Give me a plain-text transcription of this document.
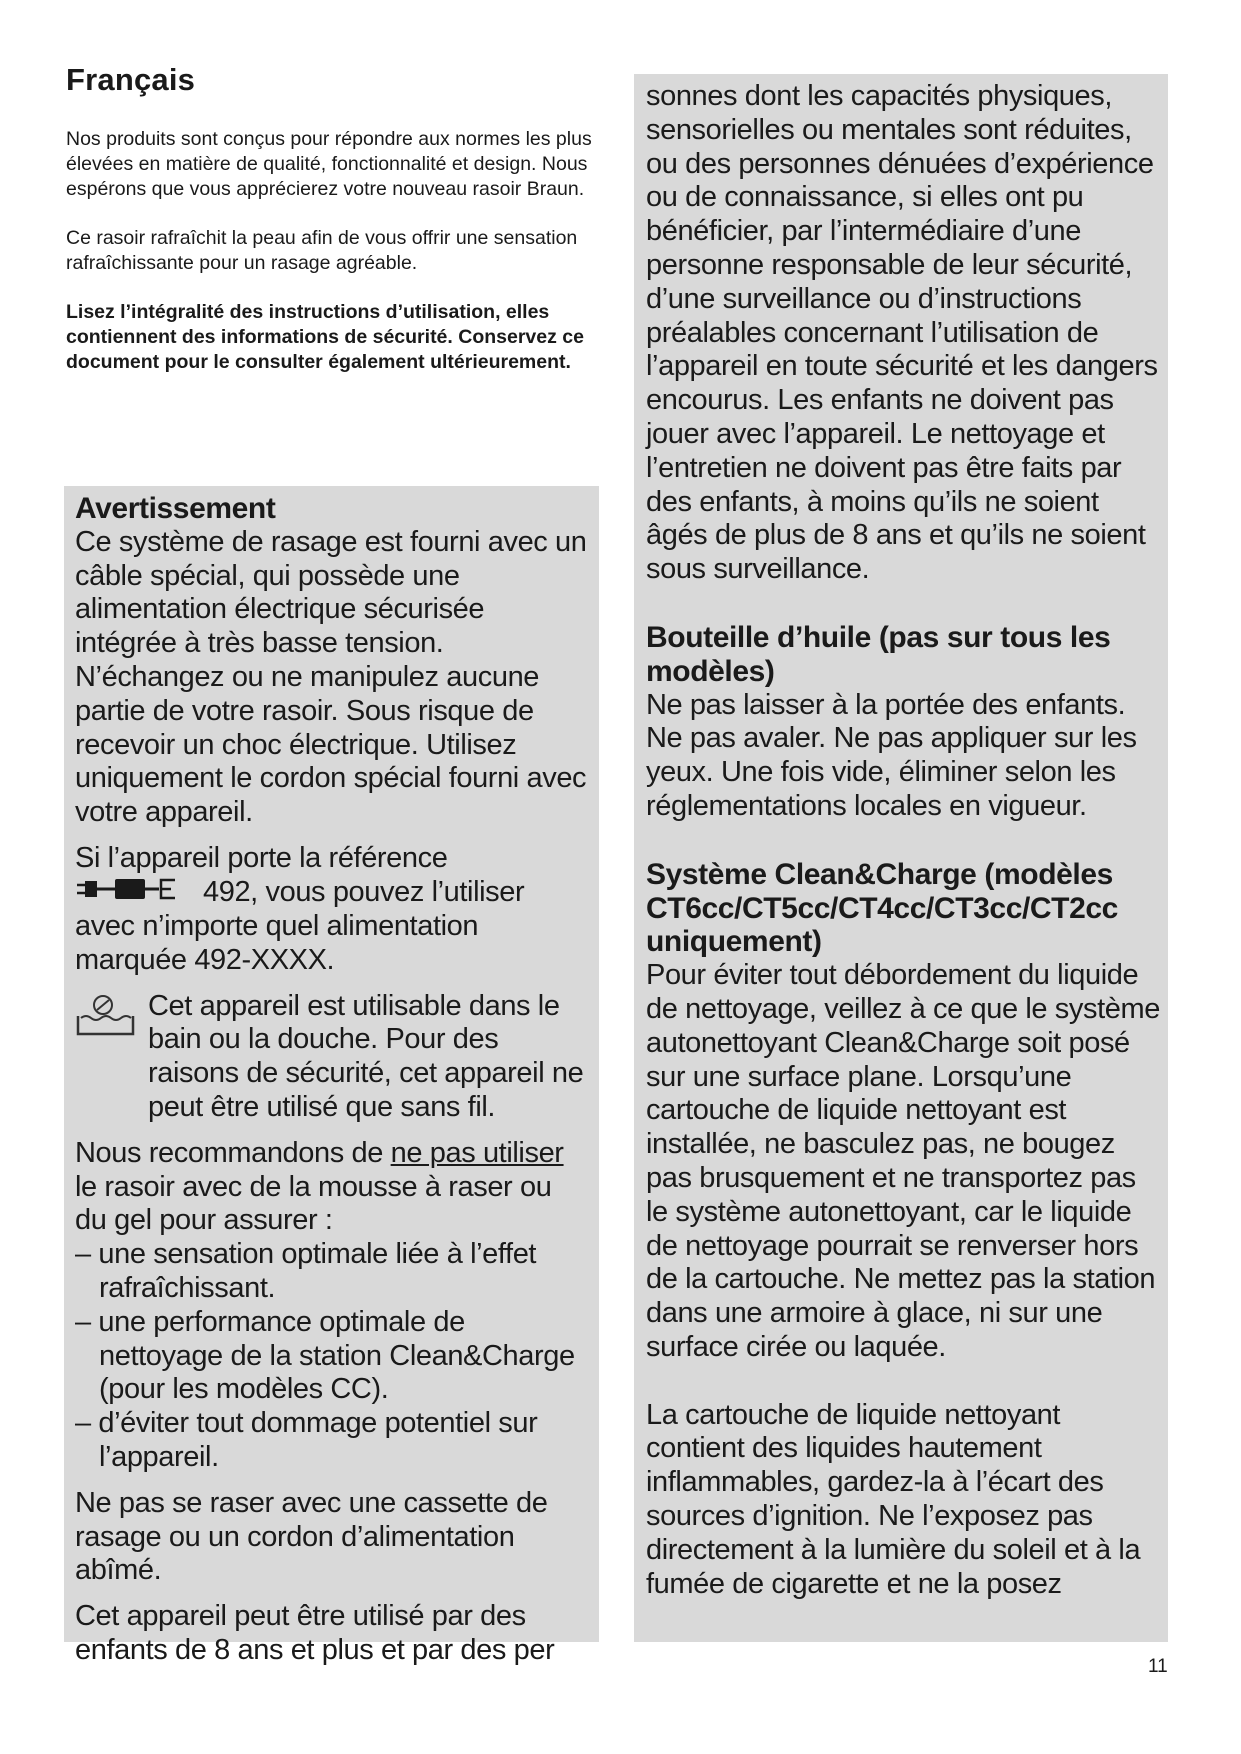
Français

Nos produits sont conçus pour répondre aux normes les plus élevées en matière de qualité, fonctionnalité et design. Nous espérons que vous apprécierez votre nouveau rasoir Braun.

Ce rasoir rafraîchit la peau afin de vous offrir une sensation rafraîchissante pour un rasage agréable.

Lisez l’intégralité des instructions d’utilisation, elles contiennent des informations de sécurité. Conservez ce document pour le consulter également ultérieurement.

Avertissement

Ce système de rasage est fourni avec un câble spécial, qui possède une alimentation électrique sécurisée intégrée à très basse tension. N’échangez ou ne manipulez aucune partie de votre rasoir. Sous risque de recevoir un choc électrique. Utilisez uniquement le cordon spécial fourni avec votre appareil.

Si l’appareil porte la référence
492, vous pouvez l’utiliser avec n’importe quel alimentation marquée 492-XXXX.

Cet appareil est utilisable dans le bain ou la douche. Pour des raisons de sécurité, cet appareil ne peut être utilisé que sans fil.

Nous recommandons de ne pas utiliser le rasoir avec de la mousse à raser ou du gel pour assurer :

– une sensation optimale liée à l’effet rafraîchissant.
– une performance optimale de nettoyage de la station Clean&Charge (pour les modèles CC).
– d’éviter tout dommage potentiel sur l’appareil.

Ne pas se raser avec une cassette de rasage ou un cordon d’alimentation abîmé.

Cet appareil peut être utilisé par des enfants de 8 ans et plus et par des per

sonnes dont les capacités physiques, sensorielles ou mentales sont réduites, ou des personnes dénuées d’expérience ou de connaissance, si elles ont pu bénéficier, par l’intermédiaire d’une personne responsable de leur sécurité, d’une surveillance ou d’instructions préalables concernant l’utilisation de l’appareil en toute sécurité et les dangers encourus. Les enfants ne doivent pas jouer avec l’appareil. Le nettoyage et l’entretien ne doivent pas être faits par des enfants, à moins qu’ils ne soient âgés de plus de 8 ans et qu’ils ne soient sous surveillance.

Bouteille d’huile (pas sur tous les modèles)

Ne pas laisser à la portée des enfants. Ne pas avaler. Ne pas appliquer sur les yeux. Une fois vide, éliminer selon les réglementations locales en vigueur.

Système Clean&Charge (modèles CT6cc/CT5cc/CT4cc/CT3cc/CT2cc uniquement)

Pour éviter tout débordement du liquide de nettoyage, veillez à ce que le système autonettoyant Clean&Charge soit posé sur une surface plane. Lorsqu’une cartouche de liquide nettoyant est installée, ne basculez pas, ne bougez pas brusquement et ne transportez pas le système autonettoyant, car le liquide de nettoyage pourrait se renverser hors de la cartouche. Ne mettez pas la station dans une armoire à glace, ni sur une surface cirée ou laquée.

La cartouche de liquide nettoyant contient des liquides hautement inflammables, gardez-la à l’écart des sources d’ignition. Ne l’exposez pas directement à la lumière du soleil et à la fumée de cigarette et ne la posez

11
